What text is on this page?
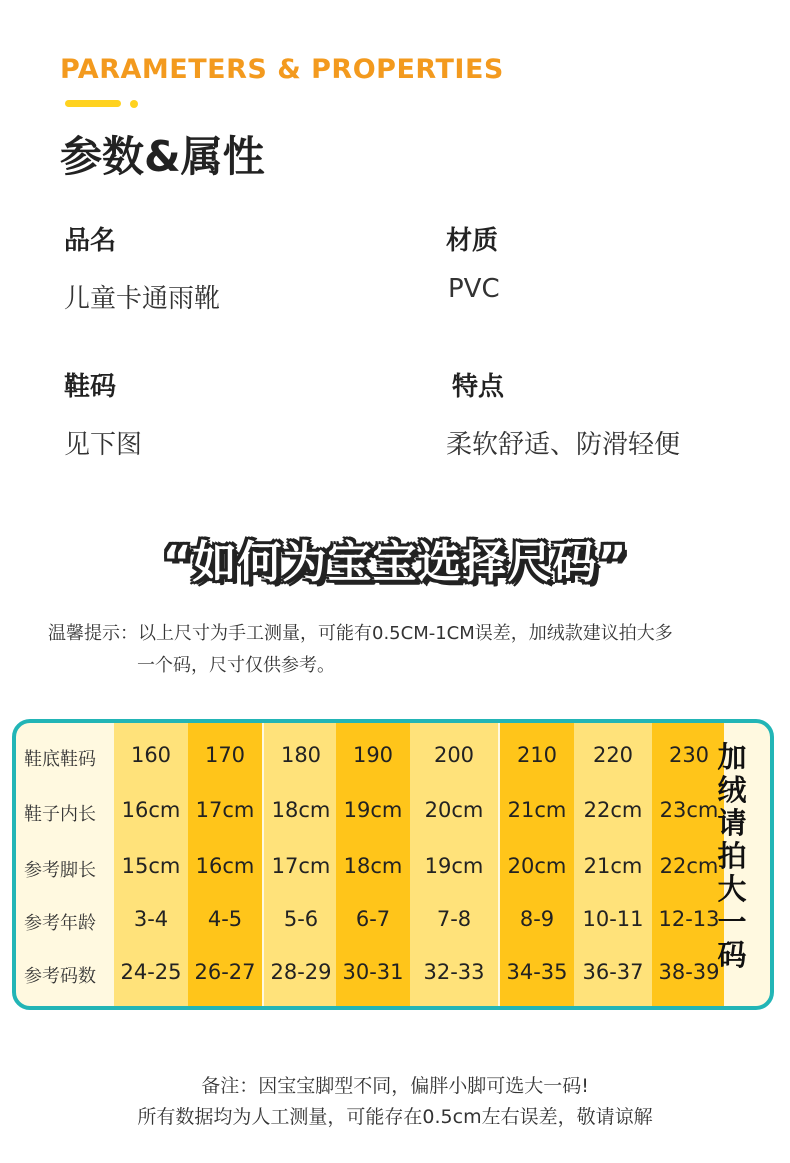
PARAMETERS & PROPERTIES
参数&属性
品名
儿童卡通雨靴
材质
PVC
鞋码
见下图
特点
柔软舒适、防滑轻便
“如何为宝宝选择尺码”
温馨提示：以上尺寸为手工测量，可能有0.5CM-1CM误差，加绒款建议拍大多
一个码，尺寸仅供参考。
鞋底鞋码	160	170	180	190	200	210	220	230
鞋子内长	16cm 17cm 18cm 19cm	20cm	21cm 22cm 23cm
参考脚长	15cm 16cm 17cm 18cm	19cm	20cm 21cm 22cm
参考年龄	3-4	4-5	5-6	6-7	7-8	8-9	10-11 12-13
参考码数	24-25 26-27 28-29 30-31 32-33	34-35 36-37 38-39
加绒请拍大一码
备注：因宝宝脚型不同，偏胖小脚可选大一码!
所有数据均为人工测量，可能存在0.5cm左右误差，敬请谅解
